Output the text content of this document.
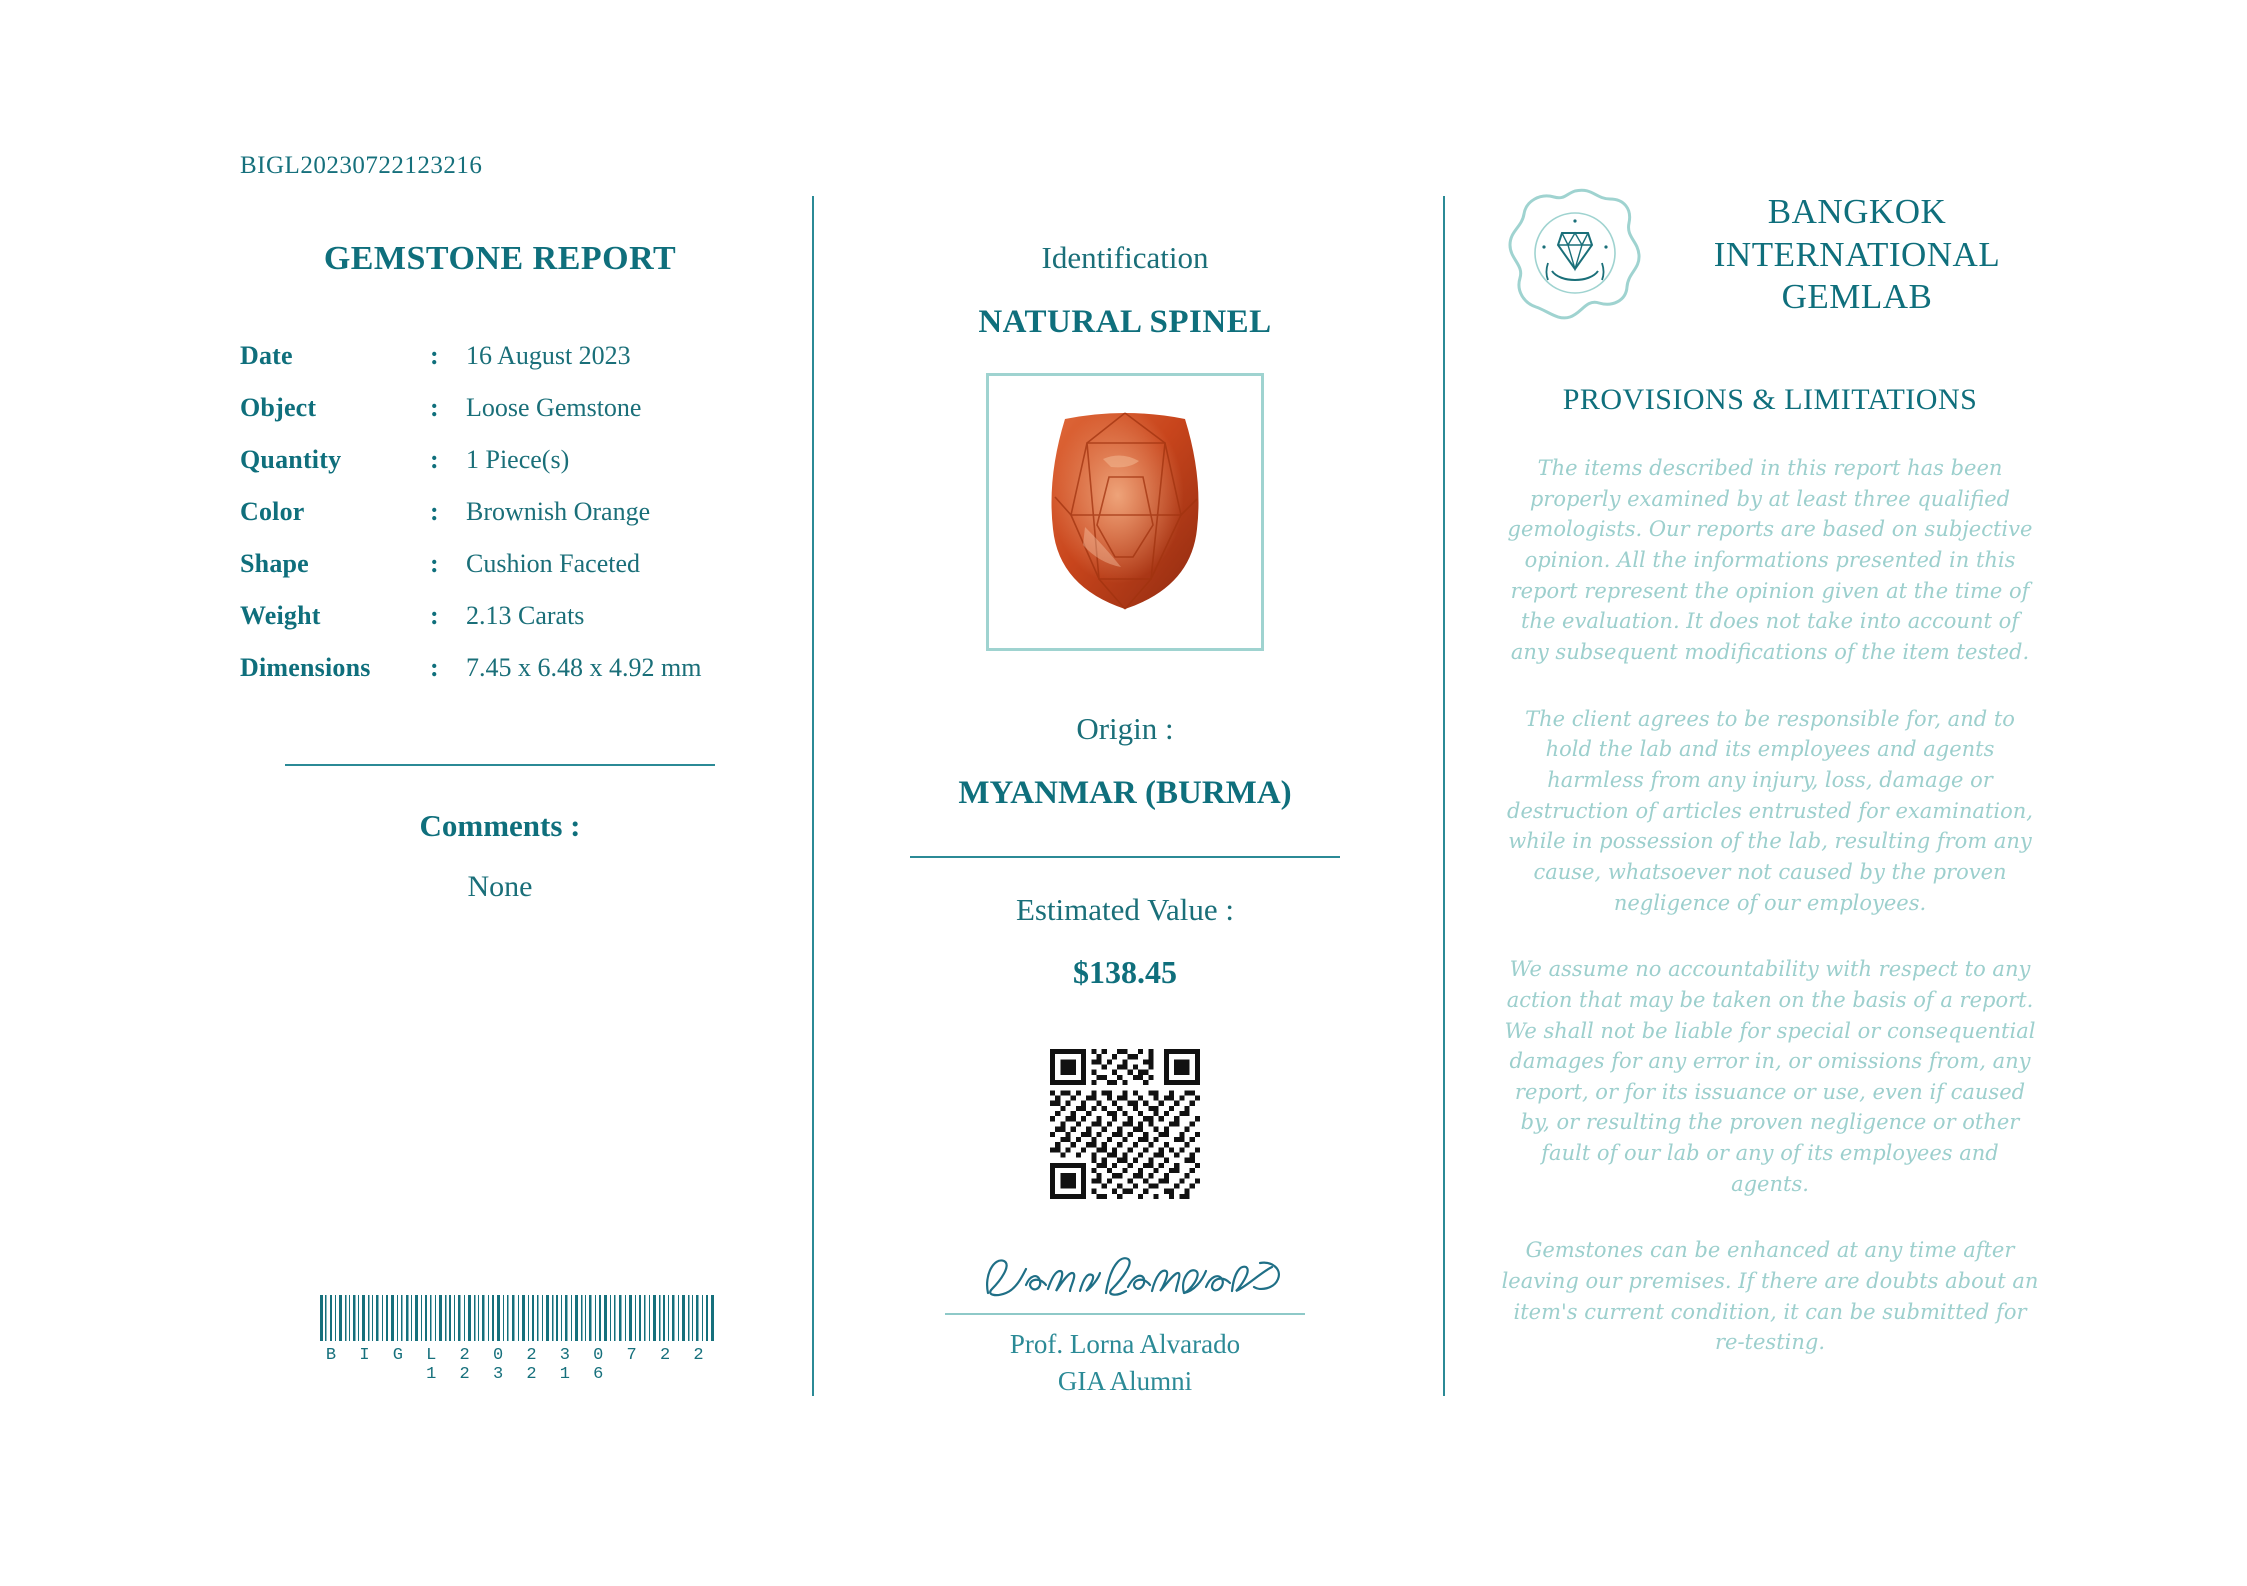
BIGL20230722123216
GEMSTONE REPORT
Date	:	16 August 2023
Object	:	Loose Gemstone
Quantity	:	1 Piece(s)
Color	:	Brownish Orange
Shape	:	Cushion Faceted
Weight	:	2.13 Carats
Dimensions	:	7.45 x 6.48 x 4.92 mm
Comments :
None
B I G L 2 0 2 3 0 7 2 2 1 2 3 2 1 6
Identification
NATURAL SPINEL
Origin :
MYANMAR (BURMA)
Estimated Value :
$138.45
Prof. Lorna Alvarado
GIA Alumni
BANGKOK
INTERNATIONAL
GEMLAB
PROVISIONS & LIMITATIONS
The items described in this report has been properly examined by at least three qualified gemologists. Our reports are based on subjective opinion. All the informations presented in this report represent the opinion given at the time of the evaluation. It does not take into account of any subsequent modifications of the item tested.
The client agrees to be responsible for, and to hold the lab and its employees and agents harmless from any injury, loss, damage or destruction of articles entrusted for examination, while in possession of the lab, resulting from any cause, whatsoever not caused by the proven negligence of our employees.
We assume no accountability with respect to any action that may be taken on the basis of a report. We shall not be liable for special or consequential damages for any error in, or omissions from, any report, or for its issuance or use, even if caused by, or resulting the proven negligence or other fault of our lab or any of its employees and agents.
Gemstones can be enhanced at any time after leaving our premises. If there are doubts about an item's current condition, it can be submitted for re-testing.
